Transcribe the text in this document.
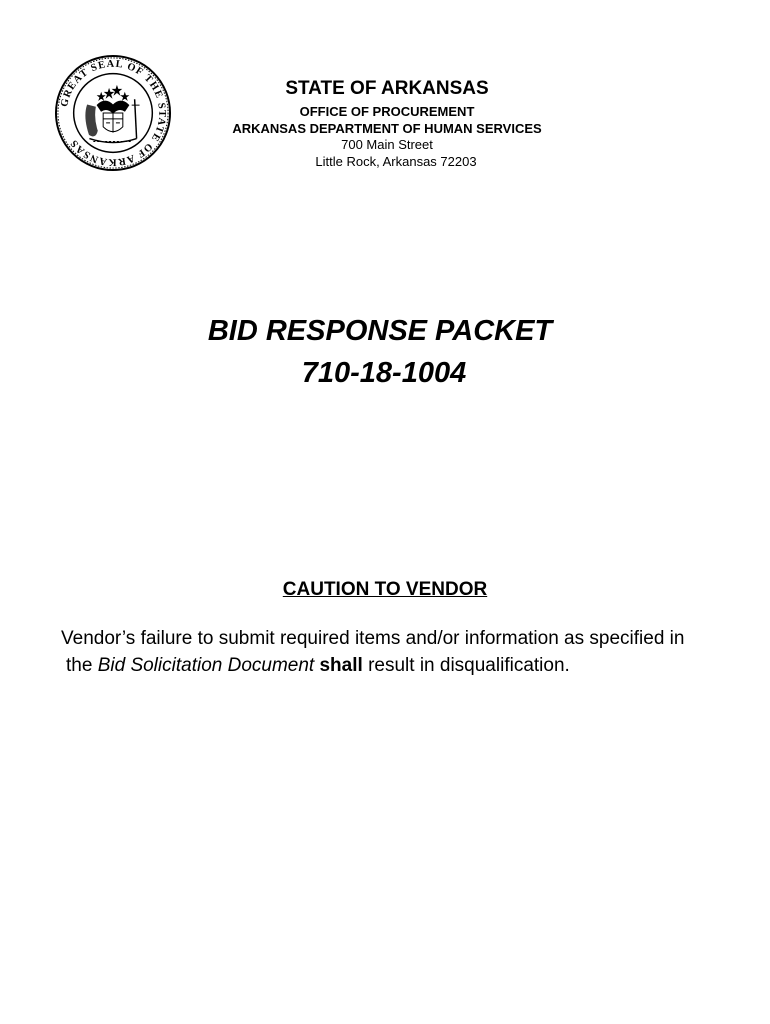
GREAT SEAL OF THE STATE OF ARKANSAS
STATE OF ARKANSAS
OFFICE OF PROCUREMENT
ARKANSAS DEPARTMENT OF HUMAN SERVICES
700 Main Street
Little Rock, Arkansas 72203
BID RESPONSE PACKET
710-18-1004
CAUTION TO VENDOR
Vendor’s failure to submit required items and/or information as specified in
the Bid Solicitation Document shall result in disqualification.
